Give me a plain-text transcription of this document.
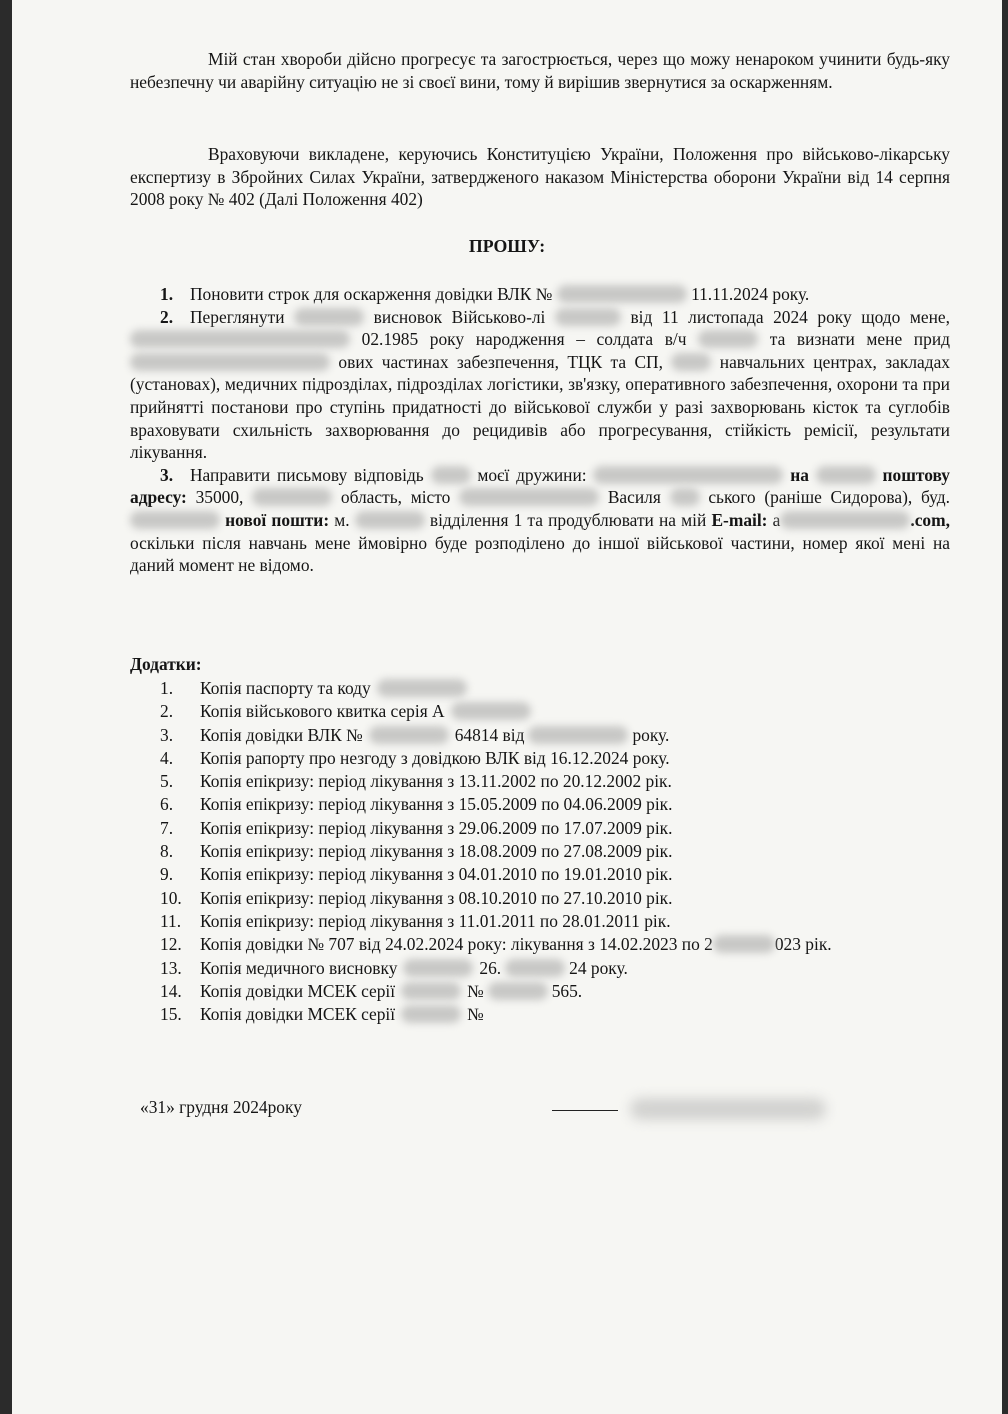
Мій стан хвороби дійсно прогресує та загострюється, через що можу ненароком учинити будь-яку небезпечну чи аварійну ситуацію не зі своєї вини, тому й вирішив звернутися за оскарженням.

Враховуючи викладене, керуючись Конституцією України, Положення про військово-лікарську експертизу в Збройних Силах України, затвердженого наказом Міністерства оборони України від 14 серпня 2008 року № 402 (Далі Положення 402)

ПРОШУ:

1. Поновити строк для оскарження довідки ВЛК №	11.11.2024 року.

2. Переглянути	висновок Військово-лі	від 11 листопада 2024 року щодо мене,  02.1985 року народження – солдата в/ч	та визнати мене прид  ових частинах забезпечення, ТЦК та СП,	навчальних центрах, закладах (установах), медичних підрозділах, підрозділах логістики, зв'язку, оперативного забезпечення, охорони та при прийнятті постанови про ступінь придатності до військової служби у разі захворювань кісток та суглобів враховувати схильність захворювання до рецидивів або прогресування, стійкість ремісії, результати лікування.

3. Направити письмову відповідь	моєї дружини:	на	поштову адресу: 35000,	область, місто	Василя	ського (раніше Сидорова), буд.  нової пошти: м.	відділення 1 та продублювати на мій E-mail: а	.com, оскільки після навчань мене ймовірно буде розподілено до іншої військової частини, номер якої мені на даний момент не відомо.

Додатки:
1. Копія паспорту та коду
2. Копія військового квитка серія А
3. Копія довідки ВЛК №	64814 від	року.
4. Копія рапорту про незгоду з довідкою ВЛК від 16.12.2024 року.
5. Копія епікризу: період лікування з 13.11.2002 по 20.12.2002 рік.
6. Копія епікризу: період лікування з 15.05.2009 по 04.06.2009 рік.
7. Копія епікризу: період лікування з 29.06.2009 по 17.07.2009 рік.
8. Копія епікризу: період лікування з 18.08.2009 по 27.08.2009 рік.
9. Копія епікризу: період лікування з 04.01.2010 по 19.01.2010 рік.
10. Копія епікризу: період лікування з 08.10.2010 по 27.10.2010 рік.
11. Копія епікризу: період лікування з 11.01.2011 по 28.01.2011 рік.
12. Копія довідки № 707 від 24.02.2024 року: лікування з 14.02.2023 по 2	023 рік.
13. Копія медичного висновку	26.	24 року.
14. Копія довідки МСЕК серії	№	565.
15. Копія довідки МСЕК серії	№
«31» грудня 2024року
